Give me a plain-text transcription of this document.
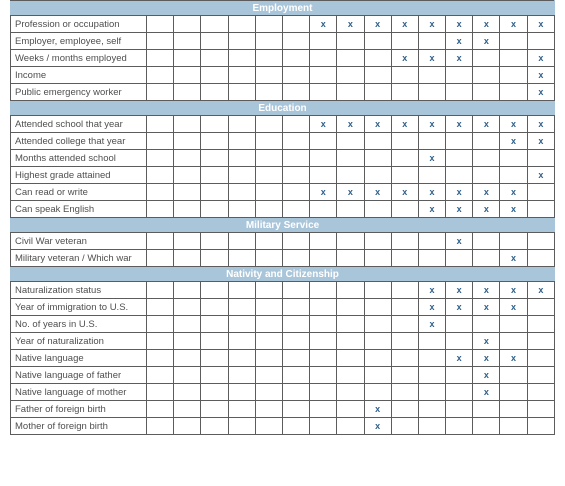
Employment															
Profession or occupation							x	x	x	x	x	x	x	x	x
Employer, employee, self												x	x		
Weeks / months employed										x	x	x			x
Income															x
Public emergency worker															x
Education															
Attended school that year							x	x	x	x	x	x	x	x	x
Attended college that year														x	x
Months attended school											x				
Highest grade attained															x
Can read or write							x	x	x	x	x	x	x	x	
Can speak English											x	x	x	x	
Military Service															
Civil War veteran												x			
Military veteran / Which war														x	
Nativity and Citizenship															
Naturalization status											x	x	x	x	x
Year of immigration to U.S.											x	x	x	x	
No. of years in U.S.											x				
Year of naturalization													x		
Native language												x	x	x	
Native language of father													x		
Native language of mother													x		
Father of foreign birth									x						
Mother of foreign birth									x						
